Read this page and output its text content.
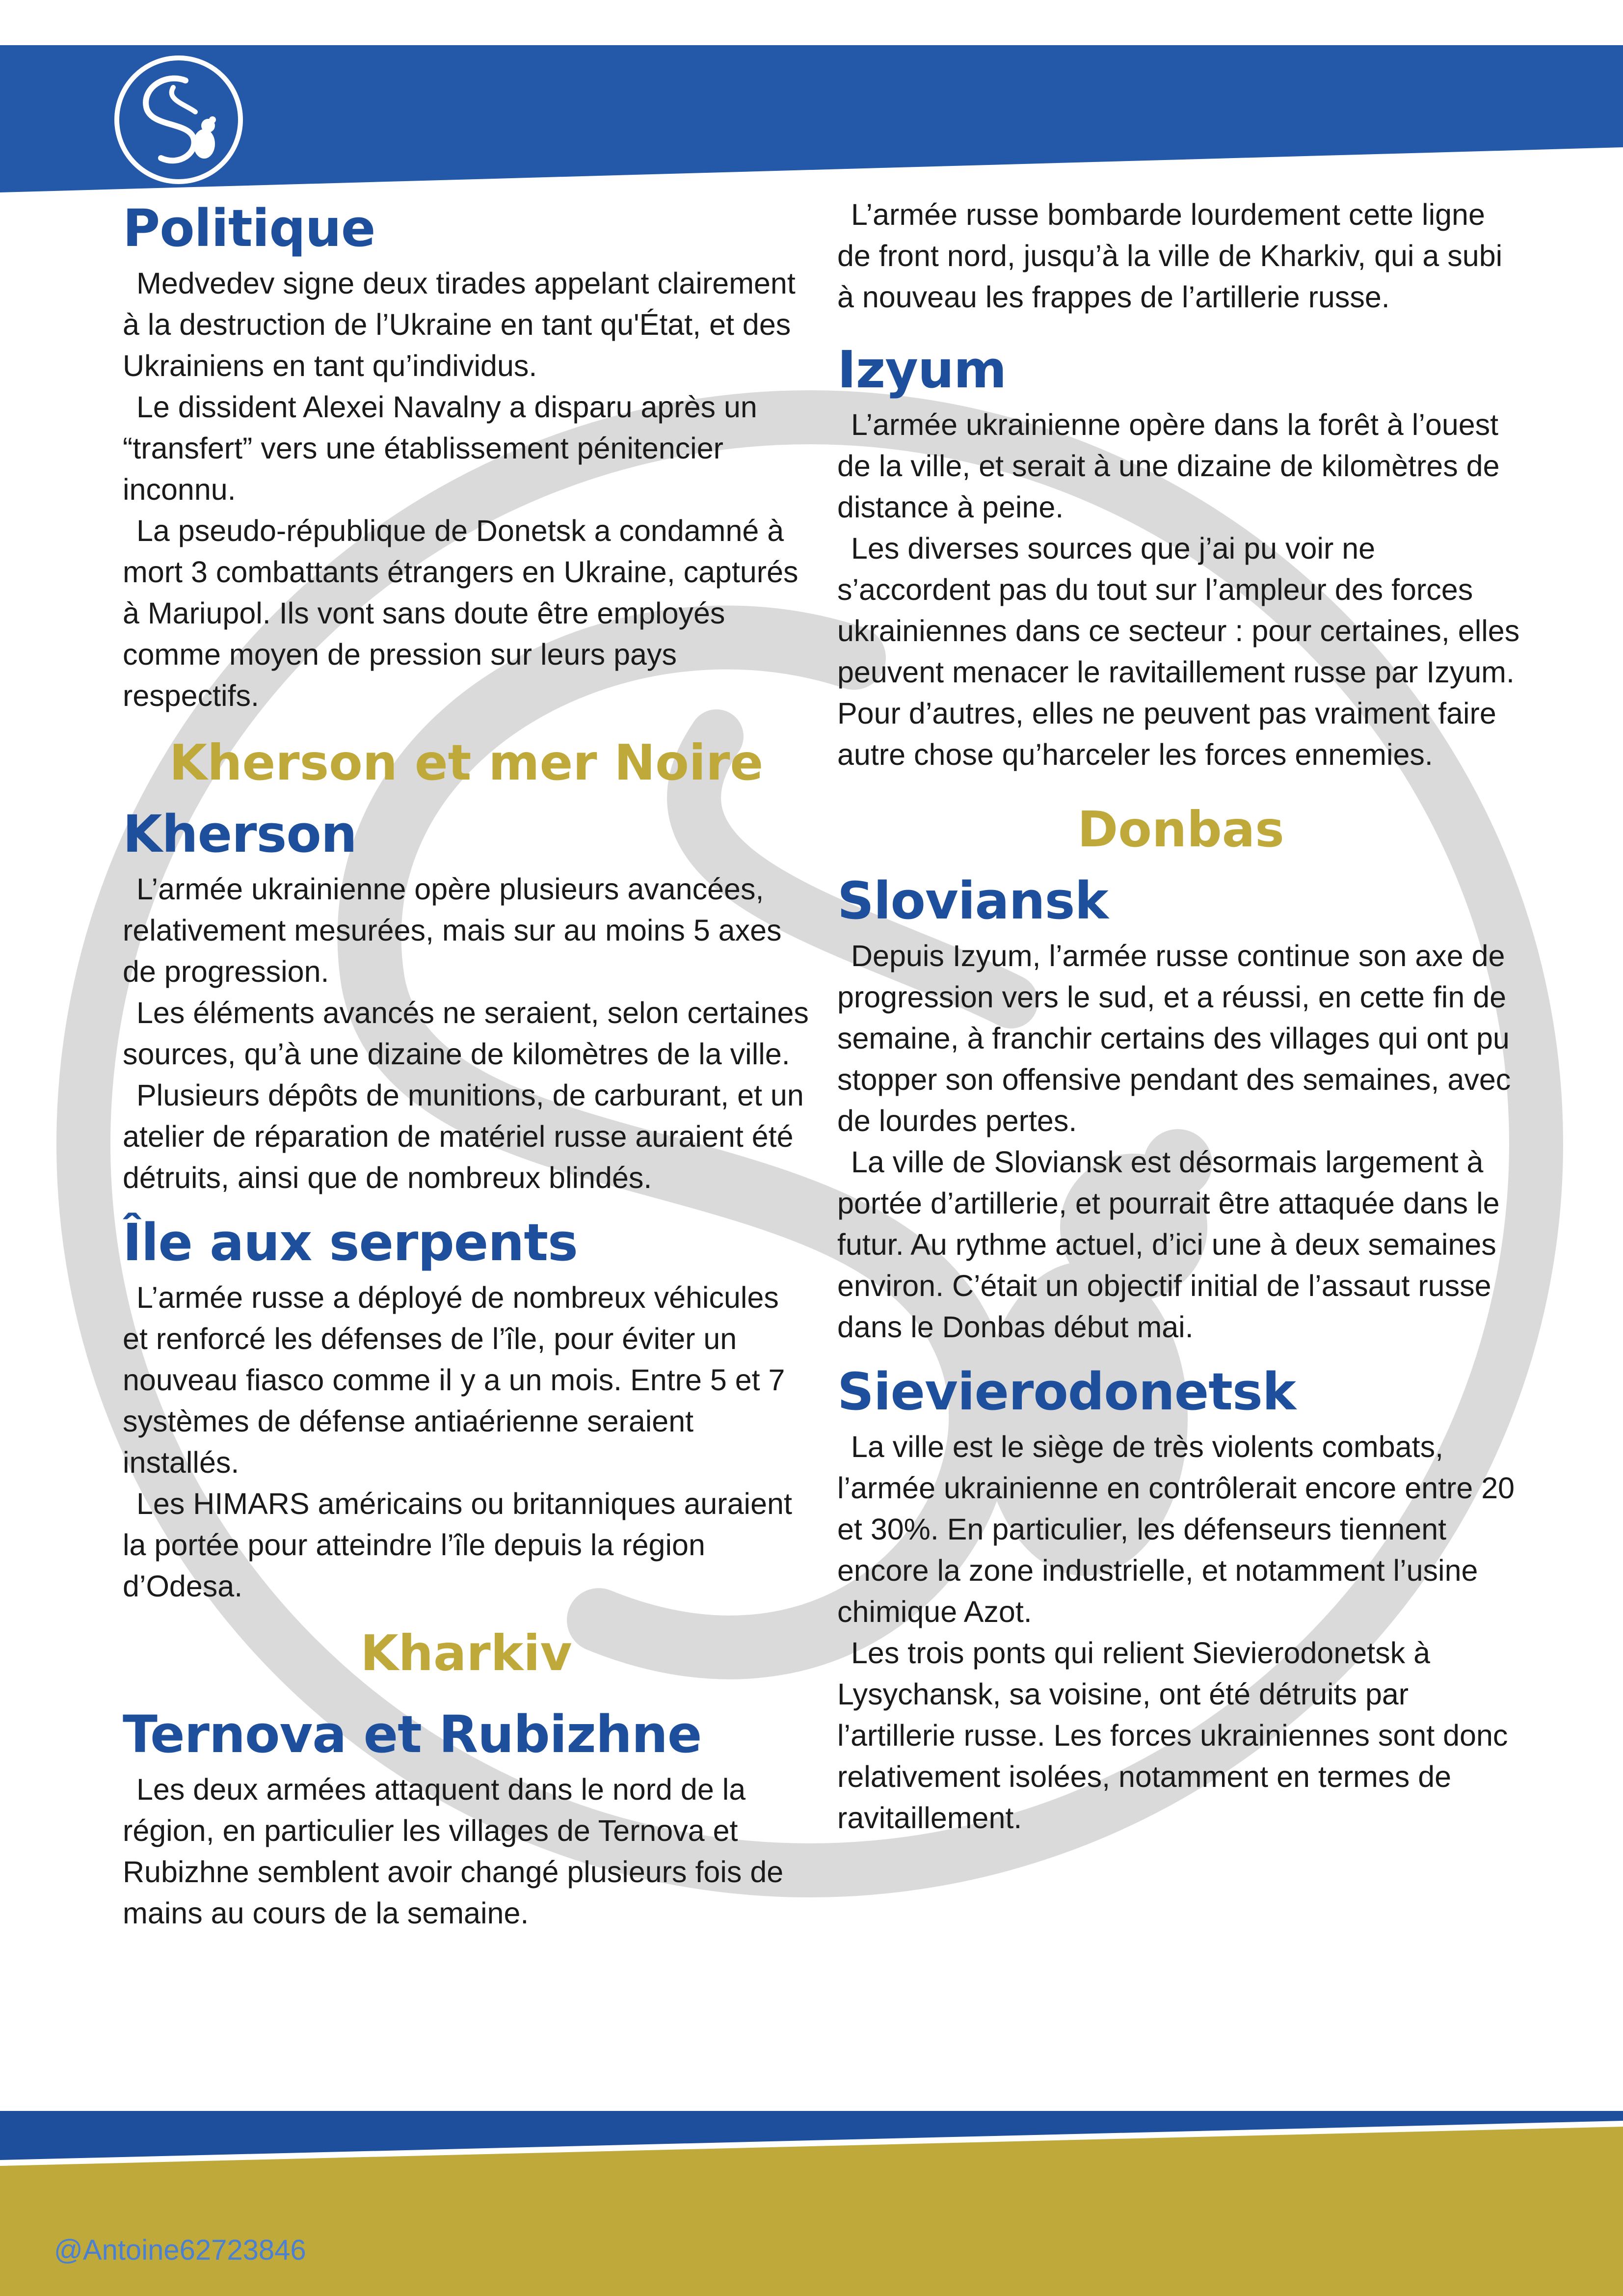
Politique

Medvedev signe deux tirades appelant clairement à la destruction de l’Ukraine en tant qu'État, et des Ukrainiens en tant qu’individus.

Le dissident Alexei Navalny a disparu après un “transfert” vers une établissement pénitencier inconnu.

La pseudo-république de Donetsk a condamné à mort 3 combattants étrangers en Ukraine, capturés à Mariupol. Ils vont sans doute être employés comme moyen de pression sur leurs pays respectifs.

Kherson et mer Noire
Kherson

L’armée ukrainienne opère plusieurs avancées, relativement mesurées, mais sur au moins 5 axes de progression.

Les éléments avancés ne seraient, selon certaines sources, qu’à une dizaine de kilomètres de la ville.

Plusieurs dépôts de munitions, de carburant, et un atelier de réparation de matériel russe auraient été détruits, ainsi que de nombreux blindés.

Île aux serpents

L’armée russe a déployé de nombreux véhicules et renforcé les défenses de l’île, pour éviter un nouveau fiasco comme il y a un mois. Entre 5 et 7 systèmes de défense antiaérienne seraient installés.

Les HIMARS américains ou britanniques auraient la portée pour atteindre l’île depuis la région d’Odesa.

Kharkiv
Ternova et Rubizhne

Les deux armées attaquent dans le nord de la région, en particulier les villages de Ternova et Rubizhne semblent avoir changé plusieurs fois de mains au cours de la semaine.

L’armée russe bombarde lourdement cette ligne de front nord, jusqu’à la ville de Kharkiv, qui a subi à nouveau les frappes de l’artillerie russe.

Izyum

L’armée ukrainienne opère dans la forêt à l’ouest de la ville, et serait à une dizaine de kilomètres de distance à peine.

Les diverses sources que j’ai pu voir ne s’accordent pas du tout sur l’ampleur des forces ukrainiennes dans ce secteur : pour certaines, elles peuvent menacer le ravitaillement russe par Izyum. Pour d’autres, elles ne peuvent pas vraiment faire autre chose qu’harceler les forces ennemies.

Donbas
Sloviansk

Depuis Izyum, l’armée russe continue son axe de progression vers le sud, et a réussi, en cette fin de semaine, à franchir certains des villages qui ont pu stopper son offensive pendant des semaines, avec de lourdes pertes.

La ville de Sloviansk est désormais largement à portée d’artillerie, et pourrait être attaquée dans le futur. Au rythme actuel, d’ici une à deux semaines environ. C’était un objectif initial de l’assaut russe dans le Donbas début mai.

Sievierodonetsk

La ville est le siège de très violents combats, l’armée ukrainienne en contrôlerait encore entre 20 et 30%. En particulier, les défenseurs tiennent encore la zone industrielle, et notamment l’usine chimique Azot.

Les trois ponts qui relient Sievierodonetsk à Lysychansk, sa voisine, ont été détruits par l’artillerie russe. Les forces ukrainiennes sont donc relativement isolées, notamment en termes de ravitaillement.

@Antoine62723846
